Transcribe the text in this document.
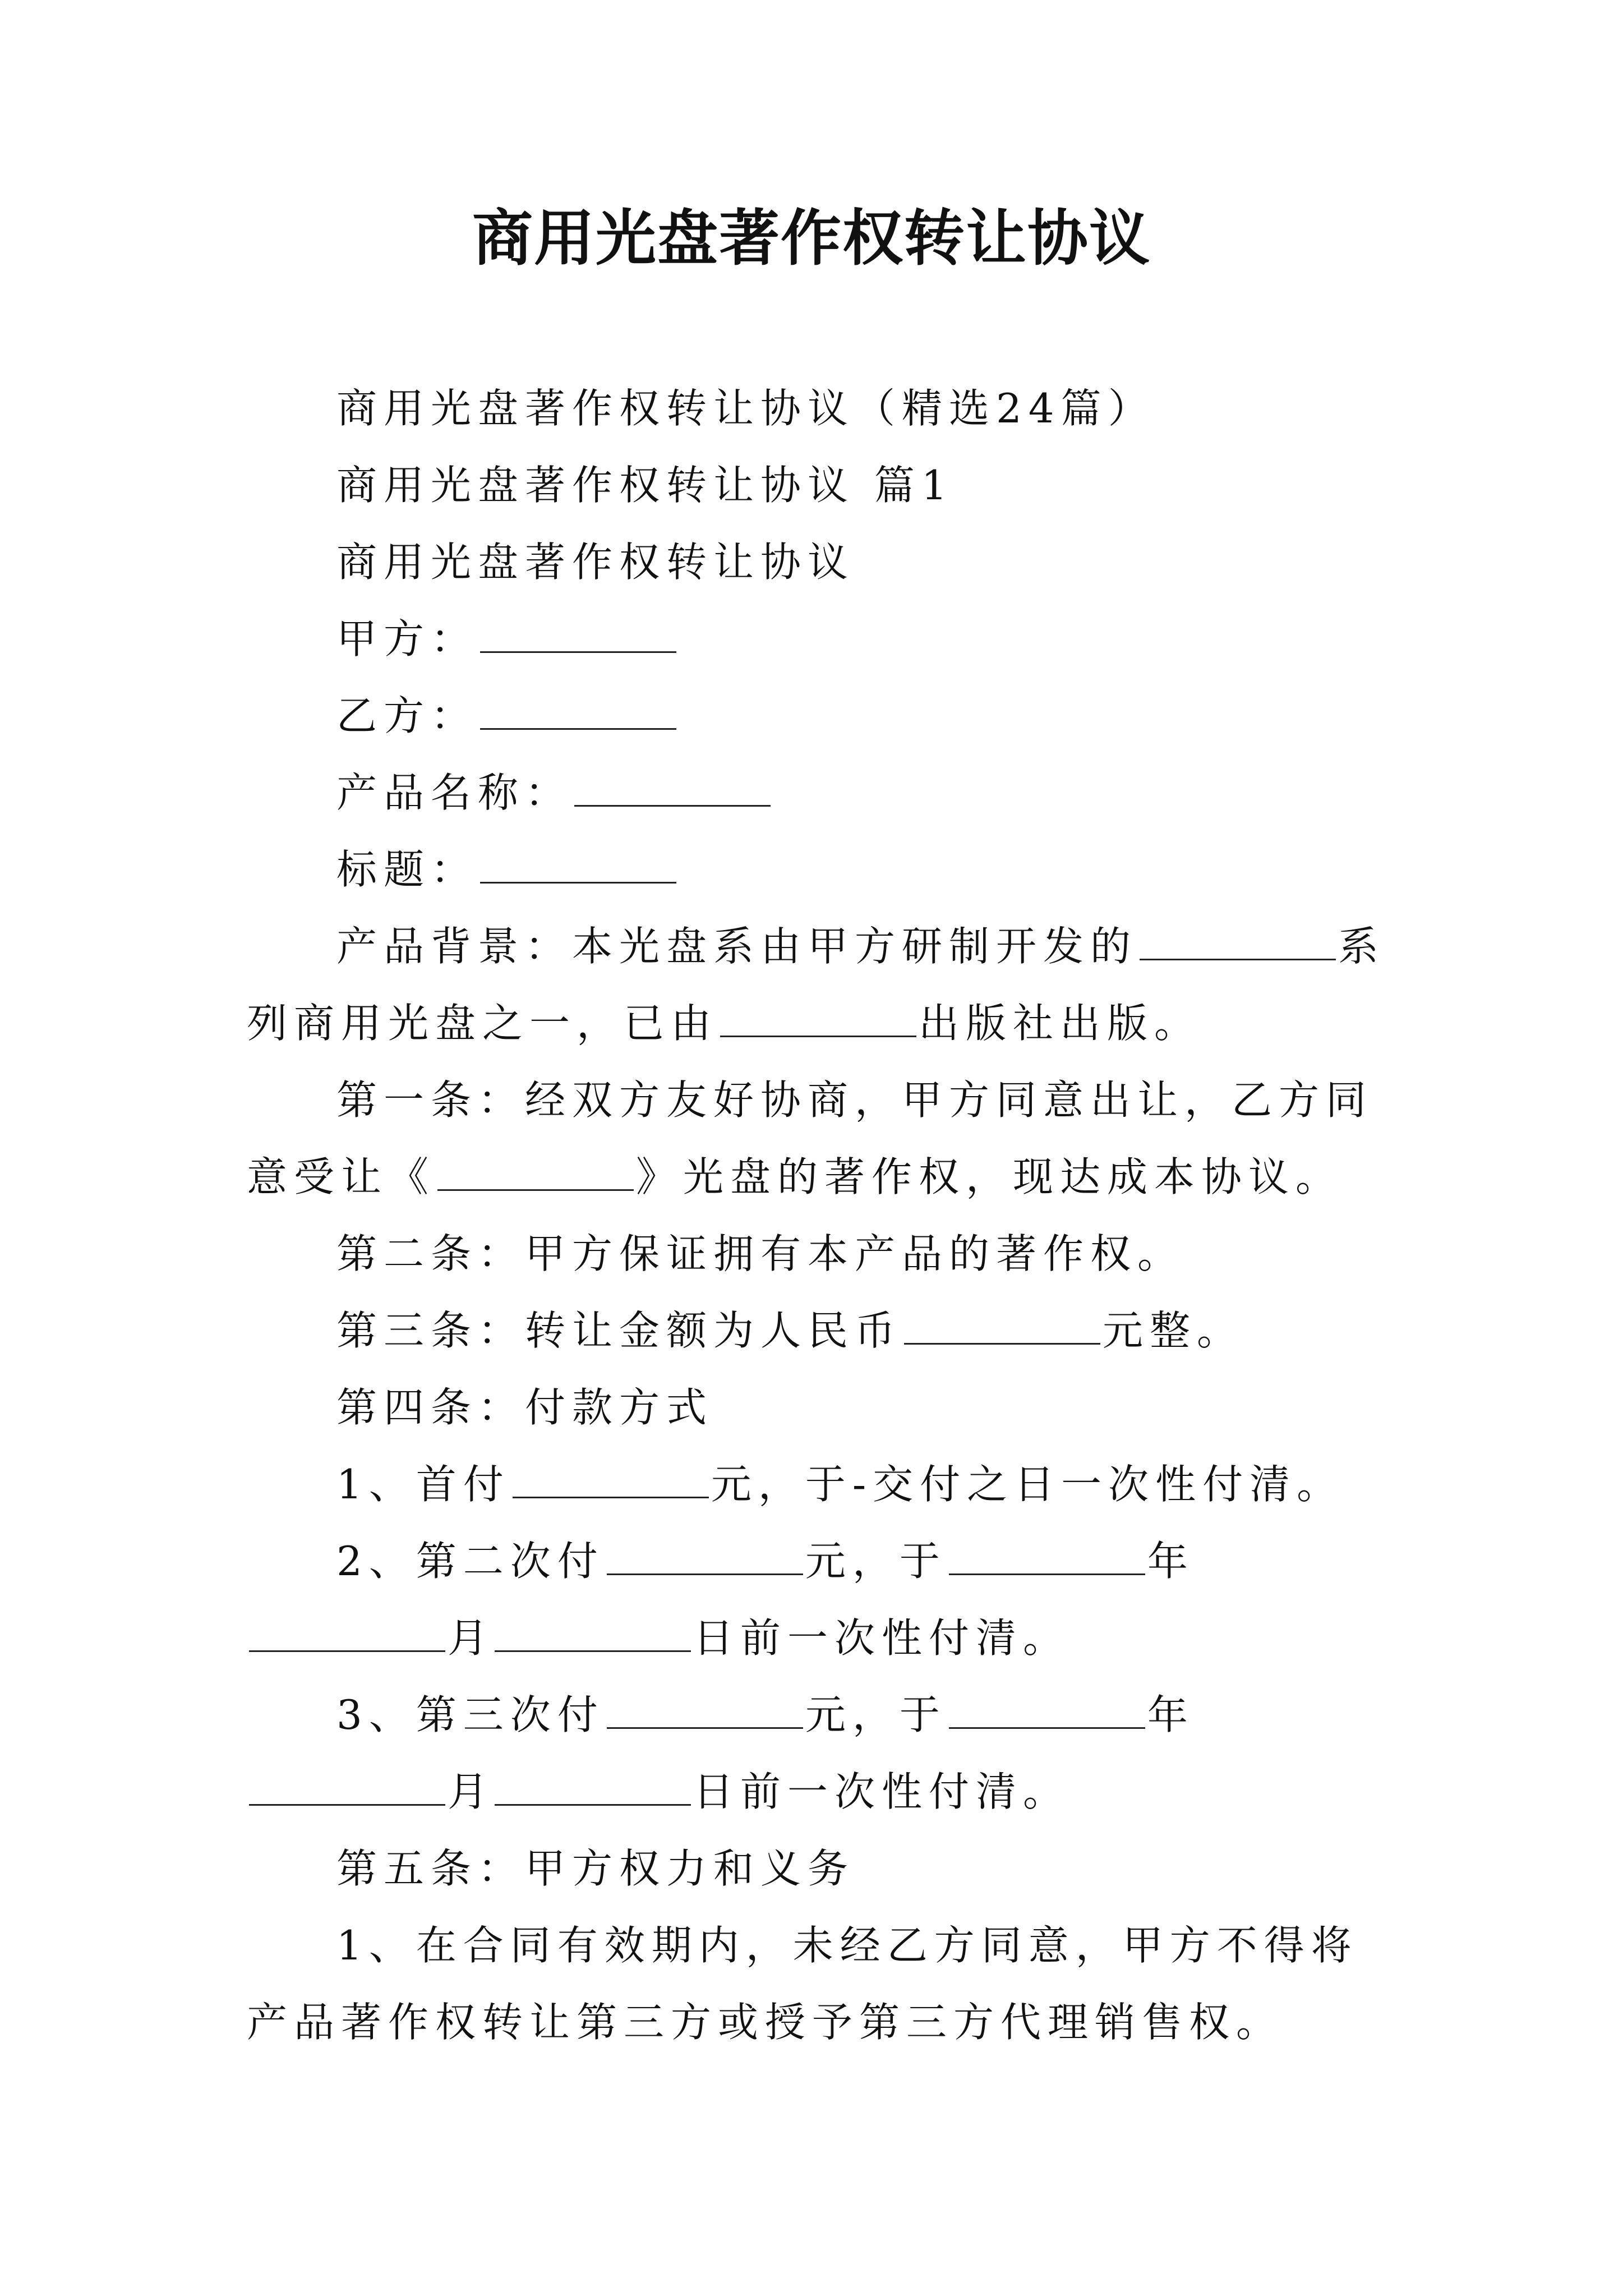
商用光盘著作权转让协议

商用光盘著作权转让协议（精选24篇）

商用光盘著作权转让协议 篇1

商用光盘著作权转让协议

甲方：

乙方：

产品名称：

标题：

产品背景：本光盘系由甲方研制开发的	系列商用光盘之一，已由	出版社出版。

第一条：经双方友好协商，甲方同意出让，乙方同意受让《	》光盘的著作权，现达成本协议。

第二条：甲方保证拥有本产品的著作权。

第三条：转让金额为人民币	元整。

第四条：付款方式

1、首付	元，于-交付之日一次性付清。

2、第二次付	元，于	年月	日前一次性付清。

3、第三次付	元，于	年月	日前一次性付清。

第五条：甲方权力和义务

1、在合同有效期内，未经乙方同意，甲方不得将产品著作权转让第三方或授予第三方代理销售权。
